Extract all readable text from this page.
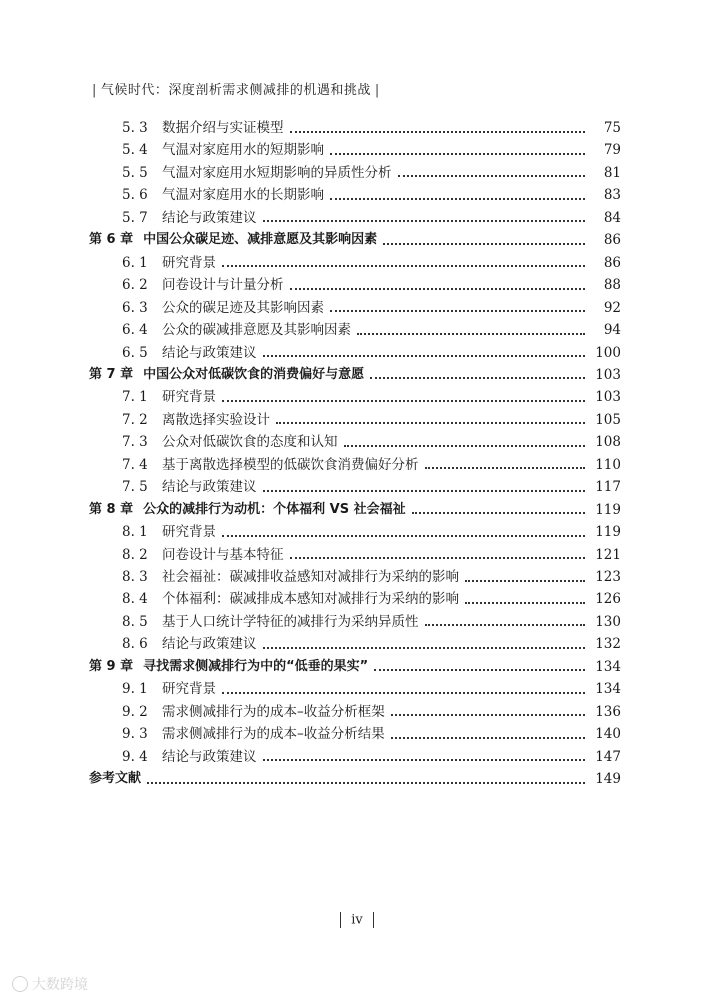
| 气候时代：深度剖析需求侧减排的机遇和挑战 |
5. 3	数据介绍与实证模型	75
5. 4	气温对家庭用水的短期影响	79
5. 5	气温对家庭用水短期影响的异质性分析	81
5. 6	气温对家庭用水的长期影响	83
5. 7	结论与政策建议	84
第 6 章 中国公众碳足迹、减排意愿及其影响因素	86
6. 1	研究背景	86
6. 2	问卷设计与计量分析	88
6. 3	公众的碳足迹及其影响因素	92
6. 4	公众的碳减排意愿及其影响因素	94
6. 5	结论与政策建议	100
第 7 章 中国公众对低碳饮食的消费偏好与意愿	103
7. 1	研究背景	103
7. 2	离散选择实验设计	105
7. 3	公众对低碳饮食的态度和认知	108
7. 4	基于离散选择模型的低碳饮食消费偏好分析	110
7. 5	结论与政策建议	117
第 8 章 公众的减排行为动机：个体福利 VS 社会福祉	119
8. 1	研究背景	119
8. 2	问卷设计与基本特征	121
8. 3	社会福祉：碳减排收益感知对减排行为采纳的影响	123
8. 4	个体福利：碳减排成本感知对减排行为采纳的影响	126
8. 5	基于人口统计学特征的减排行为采纳异质性	130
8. 6	结论与政策建议	132
第 9 章 寻找需求侧减排行为中的“低垂的果实”	134
9. 1	研究背景	134
9. 2	需求侧减排行为的成本–收益分析框架	136
9. 3	需求侧减排行为的成本–收益分析结果	140
9. 4	结论与政策建议	147
参考文献	149
iv
大数跨境
